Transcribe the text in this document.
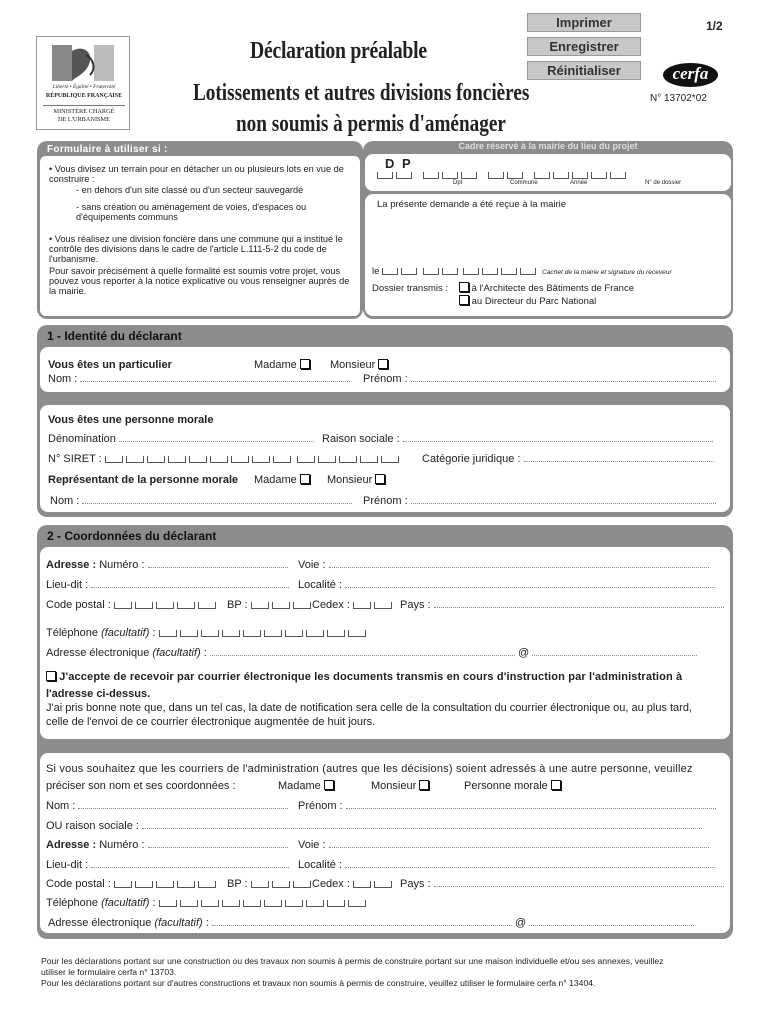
Liberté • Égalité • Fraternité
RÉPUBLIQUE FRANÇAISE
MINISTÈRE CHARGÉ
DE L'URBANISME
Déclaration préalable
Lotissements et autres divisions foncières
non soumis à permis d'aménager
Imprimer
Enregistrer
Réinitialiser
1/2
cerfa
N° 13702*02
Formulaire à utiliser si :
• Vous divisez un terrain pour en détacher un ou plusieurs lots en vue de construire :
- en dehors d'un site classé ou d'un secteur sauvegardé
- sans création ou aménagement de voies, d'espaces ou d'équipements communs
• Vous réalisez une division foncière dans une commune qui a institué le contrôle des divisions dans le cadre de l'article L.111-5-2 du code de l'urbanisme.
Pour savoir précisément à quelle formalité est soumis votre projet, vous pouvez vous reporter à la notice explicative ou vous renseigner auprès de la mairie.
Cadre réservé à la mairie du lieu du projet
D P
Dpt	Commune	Année	N° de dossier
La présente demande a été reçue à la mairie
le	Cachet de la mairie et signature du receveur
Dossier transmis :	à l'Architecte des Bâtiments de France
au Directeur du Parc National
1 - Identité du déclarant
Vous êtes un particulier	Madame	Monsieur
Nom :	Prénom :
Vous êtes une personne morale
Dénomination	Raison sociale :
N° SIRET :	Catégorie juridique :
Représentant de la personne morale Madame	Monsieur
Nom :	Prénom :
2 - Coordonnées du déclarant
Adresse : Numéro :	Voie :
Lieu-dit :	Localité :
Code postal :	BP :	Cedex :	Pays :
Téléphone (facultatif) :
Adresse électronique (facultatif) :	@
J'accepte de recevoir par courrier électronique les documents transmis en cours d'instruction par l'administration à
l'adresse ci-dessus.
J'ai pris bonne note que, dans un tel cas, la date de notification sera celle de la consultation du courrier électronique ou, au plus tard,
celle de l'envoi de ce courrier électronique augmentée de huit jours.
Si vous souhaitez que les courriers de l'administration (autres que les décisions) soient adressés à une autre personne, veuillez
préciser son nom et ses coordonnées :	Madame	Monsieur	Personne morale
Nom :	Prénom :
OU raison sociale :
Adresse : Numéro :	Voie :
Lieu-dit :	Localité :
Code postal :	BP :	Cedex :	Pays :
Téléphone (facultatif) :
Adresse électronique (facultatif) :	@
Pour les déclarations portant sur une construction ou des travaux non soumis à permis de construire portant sur une maison individuelle et/ou ses annexes, veuillez
utiliser le formulaire cerfa n° 13703.
Pour les déclarations portant sur d'autres constructions et travaux non soumis à permis de construire, veuillez utiliser le formulaire cerfa n° 13404.
